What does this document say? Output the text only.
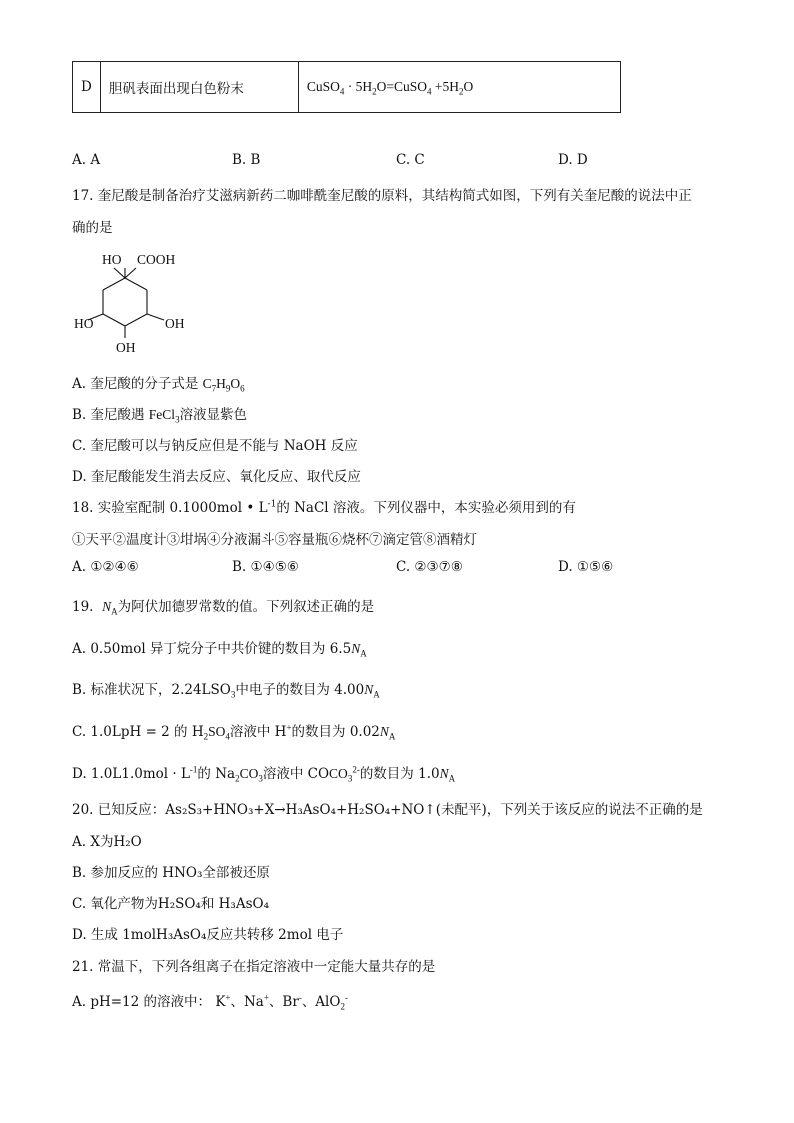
D	胆矾表面出现白色粉末	CuSO$_4$ · $5H_2O=CuSO_4 +5H_2O$
A. A	B. B	C. C	D. D
17. 奎尼酸是制备治疗艾滋病新药二咖啡酰奎尼酸的原料，其结构简式如图，下列有关奎尼酸的说法中正
确的是
HO COOH
HO	OH
OH
A. 奎尼酸的分子式是 $C_7H_9O_6$
B. 奎尼酸遇 FeCl$_3$溶液显紫色
C. 奎尼酸可以与钠反应但是不能与 NaOH 反应
D. 奎尼酸能发生消去反应、氧化反应、取代反应
18. 实验室配制 0.1000mol • $L^{-1}$的 NaCl 溶液。下列仪器中，本实验必须用到的有
①天平②温度计③坩埚④分液漏斗⑤容量瓶⑥烧杯⑦滴定管⑧酒精灯
A. ①②④⑥	B. ①④⑤⑥	C. ②③⑦⑧	D. ①⑤⑥
19. $N_A$为阿伏加德罗常数的值。下列叙述正确的是
A. 0.50mol 异丁烷分子中共价键的数目为 $6.5N_A$
B. 标准状况下，$2.24LSO_3$中电子的数目为 $4.00N_A$
C. 1.0LpH = 2 的 $H_2SO_4$溶液中 H+的数目为 $0.02N_A$
D. $1.0L1.0mol \cdot L^{-1}$的 $Na_2CO_3$溶液中 $COCO_3^{2-}$的数目为 $1.0N_A$
20. 已知反应：As₂S₃+HNO₃+X→H₃AsO₄+H₂SO₄+NO↑(未配平)，下列关于该反应的说法不正确的是
A. X为H₂O
B. 参加反应的 HNO₃全部被还原
C. 氧化产物为H₂SO₄和 H₃AsO₄
D. 生成 1molH₃AsO₄反应共转移 2mol 电子
21. 常温下，下列各组离子在指定溶液中一定能大量共存的是
A. pH=12 的溶液中： K+、Na+、Br-、AlO$_2$-
